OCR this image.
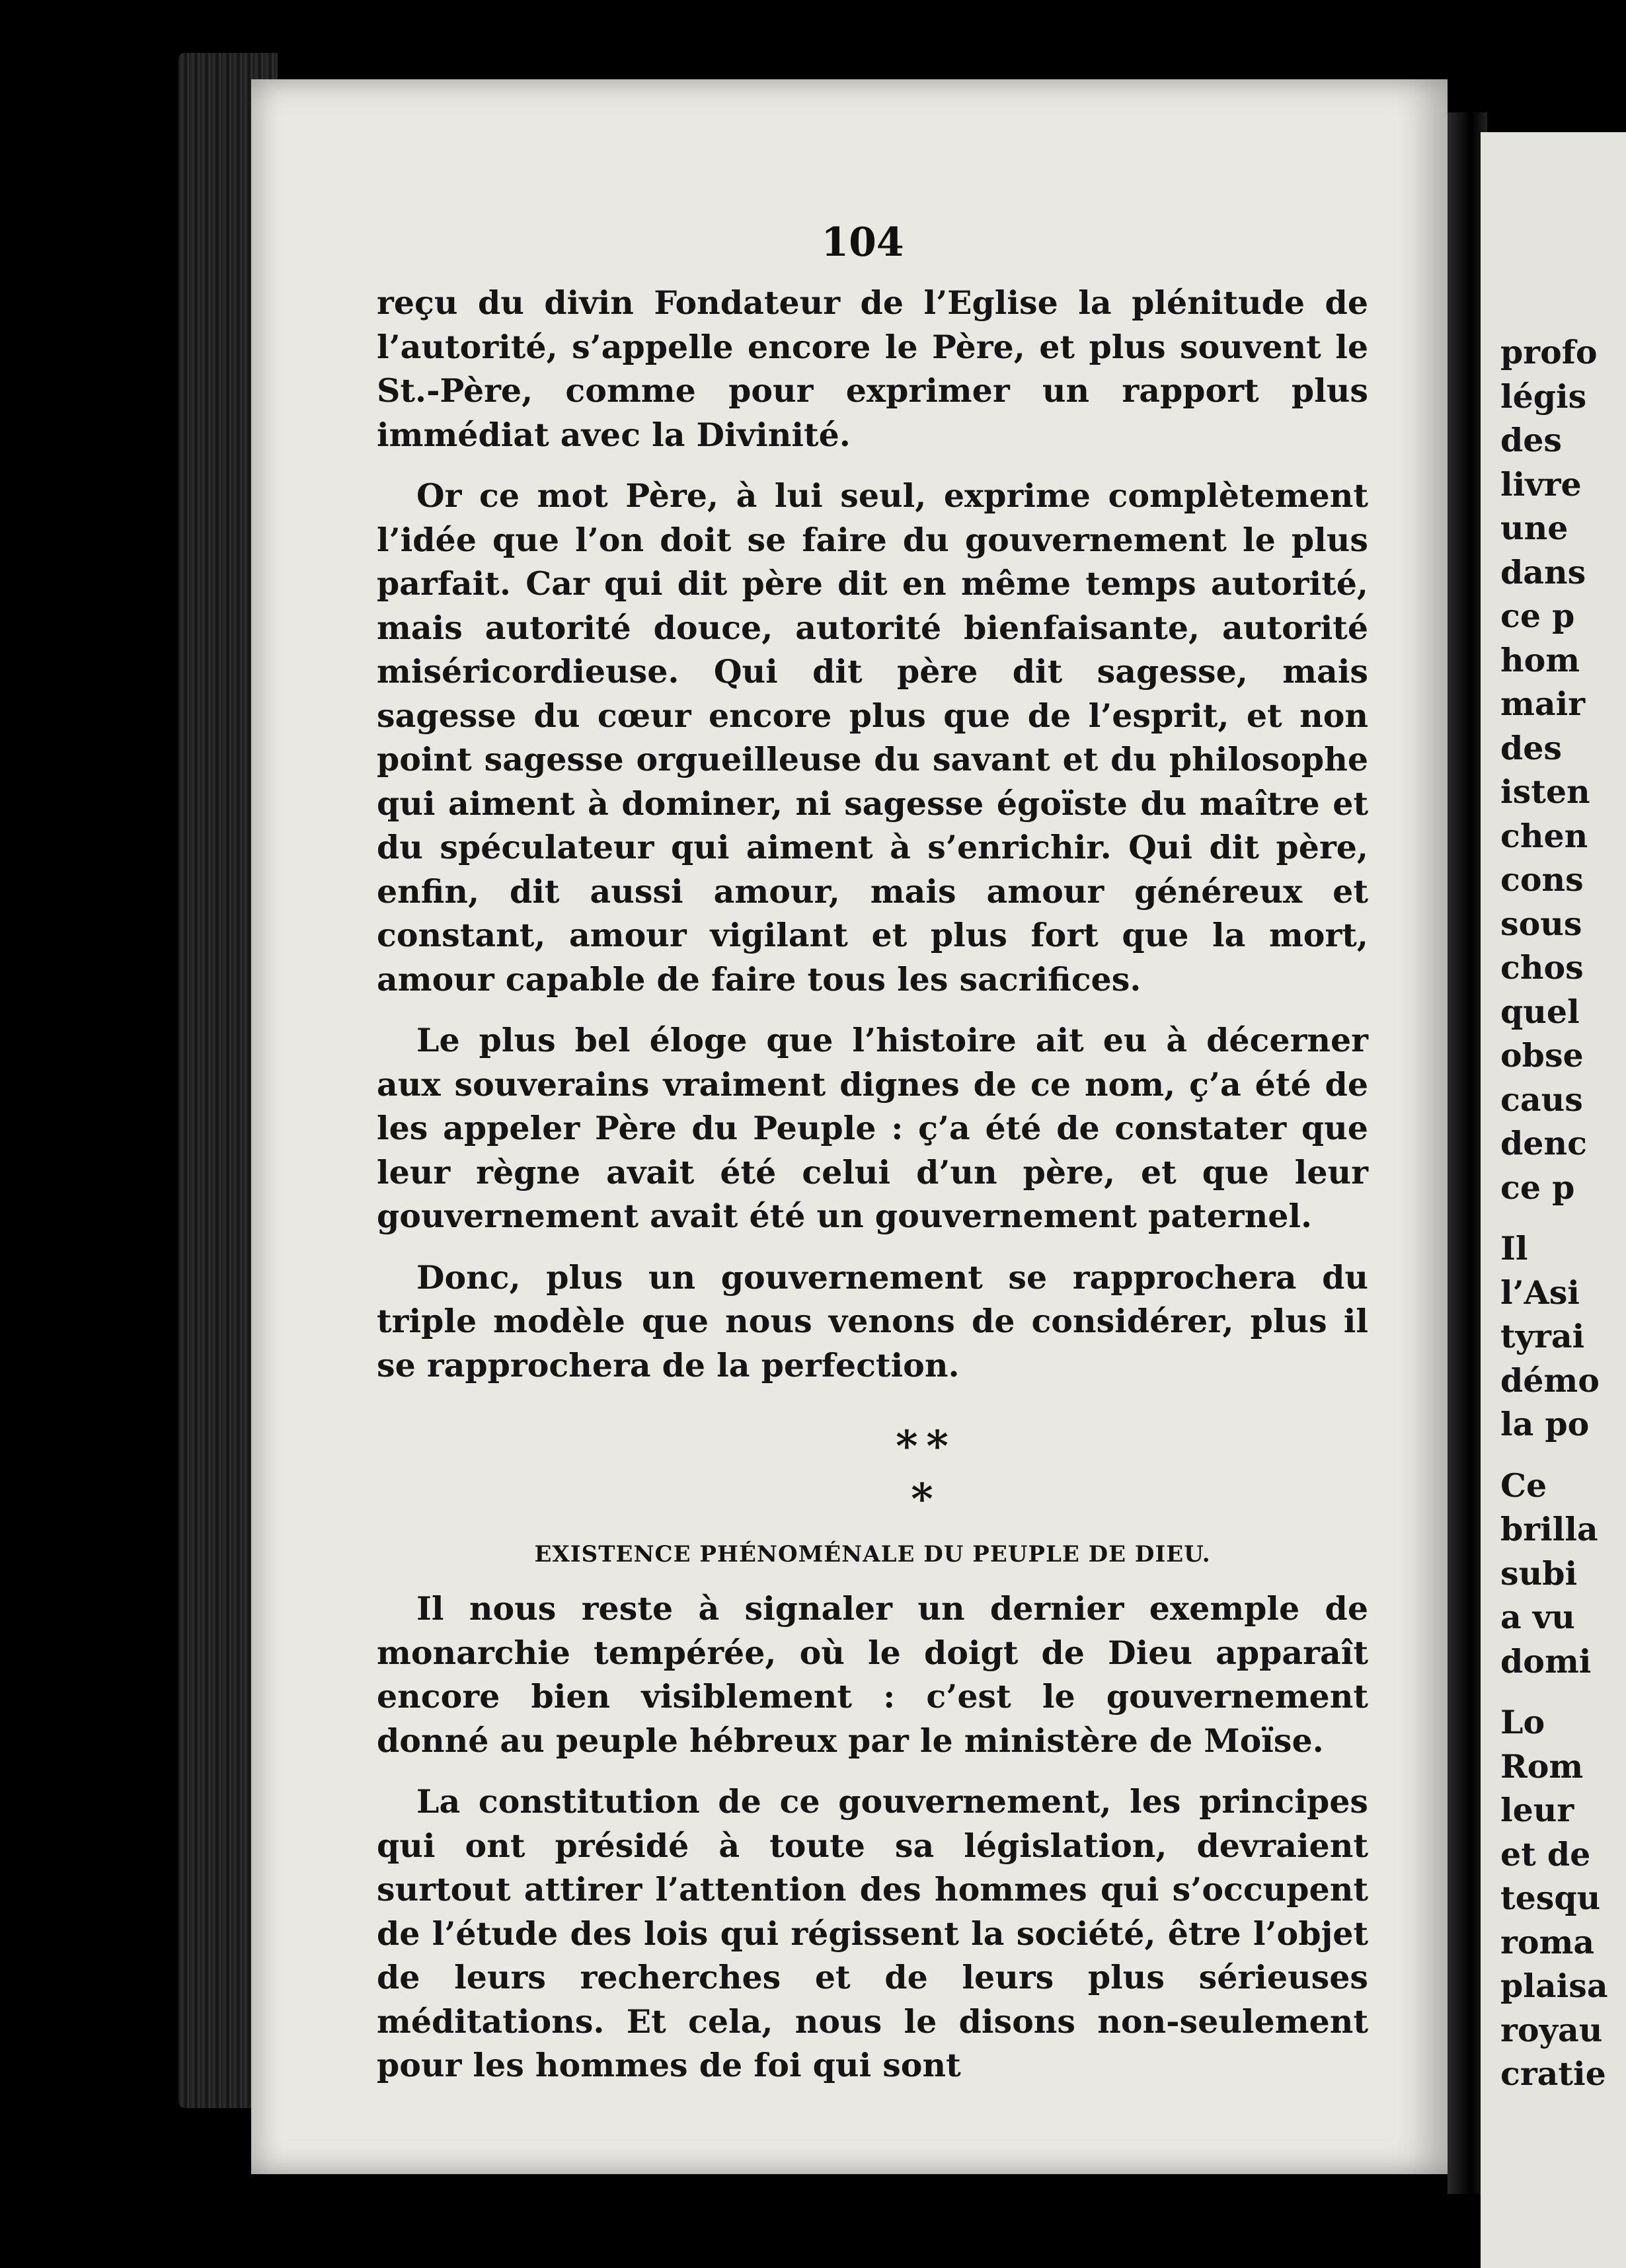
104

reçu du divin Fondateur de l’Eglise la plénitude de l’autorité, s’appelle encore le Père, et plus souvent le St.-Père, comme pour exprimer un rapport plus immédiat avec la Divinité.

Or ce mot Père, à lui seul, exprime complètement l’idée que l’on doit se faire du gouvernement le plus parfait. Car qui dit père dit en même temps autorité, mais autorité douce, autorité bienfaisante, autorité miséricordieuse. Qui dit père dit sagesse, mais sagesse du cœur encore plus que de l’esprit, et non point sagesse orgueilleuse du savant et du philosophe qui aiment à dominer, ni sagesse égoïste du maître et du spéculateur qui aiment à s’enrichir. Qui dit père, enfin, dit aussi amour, mais amour généreux et constant, amour vigilant et plus fort que la mort, amour capable de faire tous les sacrifices.

Le plus bel éloge que l’histoire ait eu à décerner aux souverains vraiment dignes de ce nom, ç’a été de les appeler Père du Peuple : ç’a été de constater que leur règne avait été celui d’un père, et que leur gouvernement avait été un gouvernement paternel.

Donc, plus un gouvernement se rapprochera du triple modèle que nous venons de considérer, plus il se rapprochera de la perfection.

* *
*

EXISTENCE PHÉNOMÉNALE DU PEUPLE DE DIEU.

Il nous reste à signaler un dernier exemple de monarchie tempérée, où le doigt de Dieu apparaît encore bien visiblement : c’est le gouvernement donné au peuple hébreux par le ministère de Moïse.

La constitution de ce gouvernement, les principes qui ont présidé à toute sa législation, devraient surtout attirer l’attention des hommes qui s’occupent de l’étude des lois qui régissent la société, être l’objet de leurs recherches et de leurs plus sérieuses méditations. Et cela, nous le disons non-seulement pour les hommes de foi qui sont

profo
légis
des
livre
une
dans
ce p
hom
mair
des
isten
chen
cons
sous
chos
quel
obse
caus
denc
ce p
Il
l’Asi
tyrai
démo
la po
Ce
brilla
subi
a vu
domi
Lo
Rom
leur
et de
tesqu
roma
plaisa
royau
cratie
